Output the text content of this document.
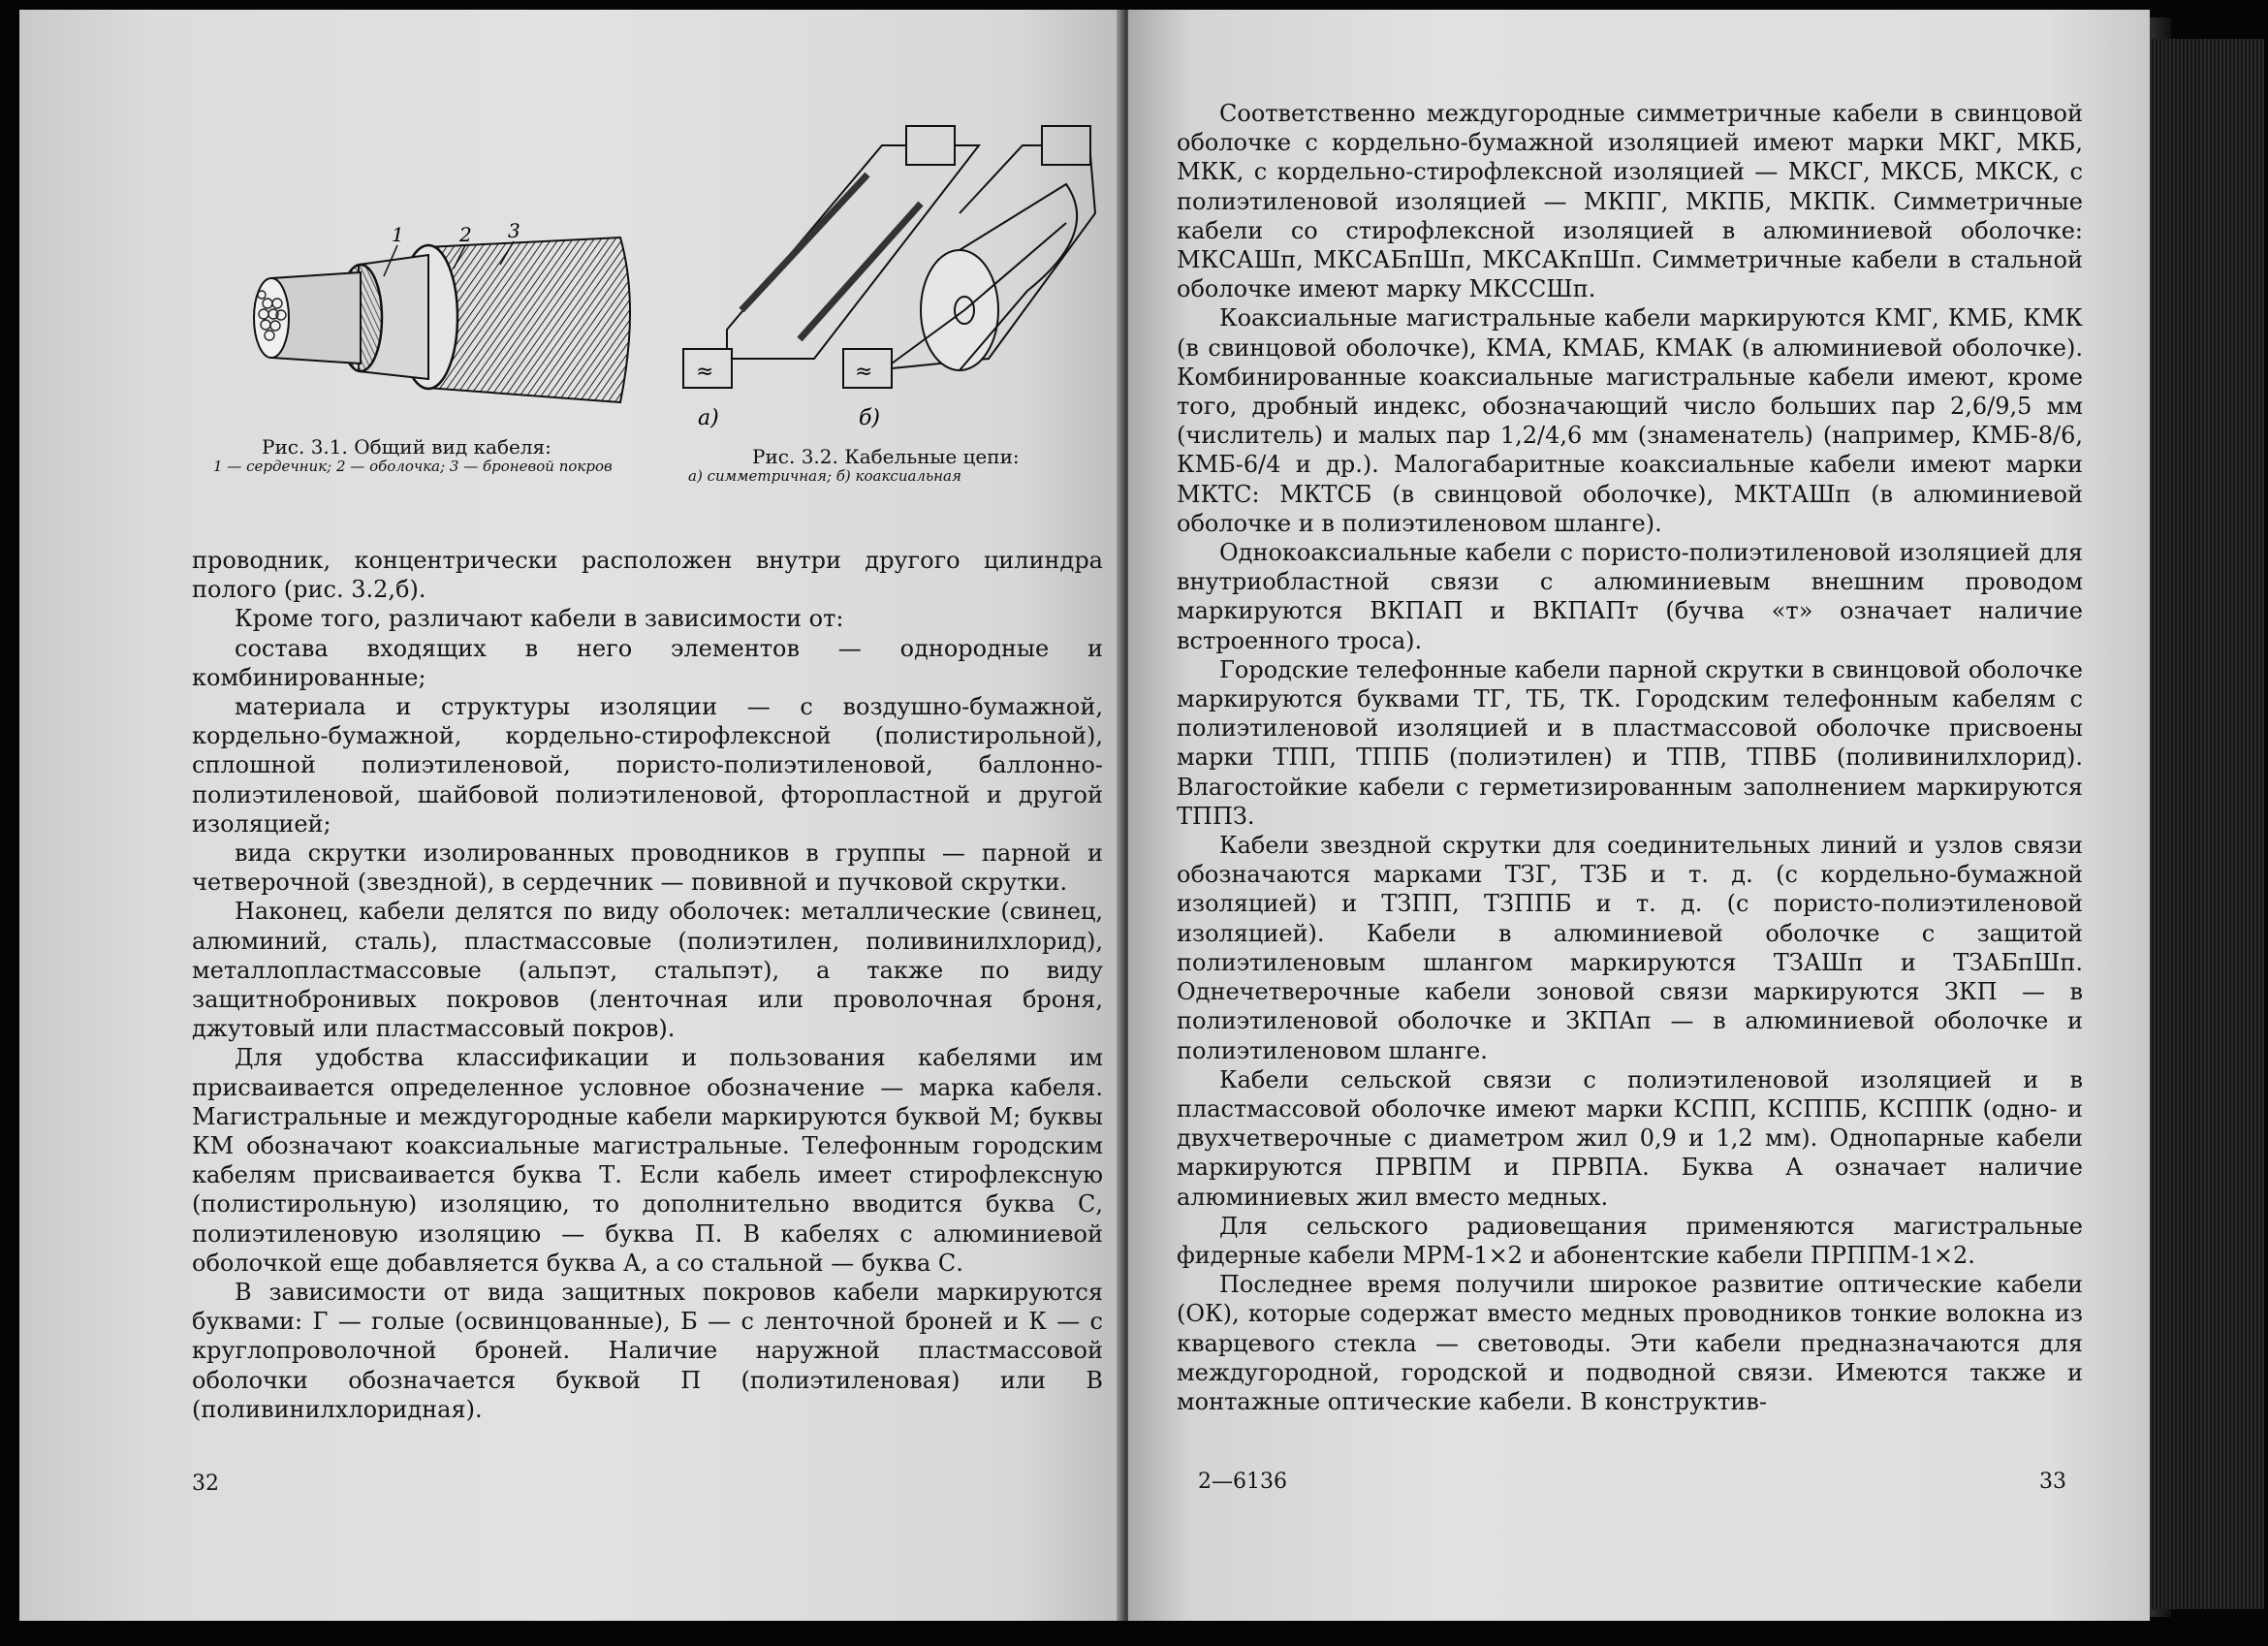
1	2 3
Рис. 3.1. Общий вид кабеля:
1 — сердечник; 2 — оболочка; 3 — броневой покров
≈	≈
а)	б)
Рис. 3.2. Кабельные цепи:
а) симметричная; б) коаксиальная

проводник, концентрически расположен внутри другого цилиндра полого (рис. 3.2,б).

Кроме того, различают кабели в зависимости от:

состава входящих в него элементов — однородные и комбинированные;

материала и структуры изоляции — с воздушно-бумажной, кордельно-бумажной, кордельно-стирофлексной (полистирольной), сплошной полиэтиленовой, пористо-полиэтиленовой, баллонно-полиэтиленовой, шайбовой полиэтиленовой, фторопластной и другой изоляцией;

вида скрутки изолированных проводников в группы — парной и четверочной (звездной), в сердечник — повивной и пучковой скрутки.

Наконец, кабели делятся по виду оболочек: металлические (свинец, алюминий, сталь), пластмассовые (полиэтилен, поливинилхлорид), металлопластмассовые (альпэт, стальпэт), а также по виду защитнобронивых покровов (ленточная или проволочная броня, джутовый или пластмассовый покров).

Для удобства классификации и пользования кабелями им присваивается определенное условное обозначение — марка кабеля. Магистральные и междугородные кабели маркируются буквой М; буквы КМ обозначают коаксиальные магистральные. Телефонным городским кабелям присваивается буква Т. Если кабель имеет стирофлексную (полистирольную) изоляцию, то дополнительно вводится буква С, полиэтиленовую изоляцию — буква П. В кабелях с алюминиевой оболочкой еще добавляется буква А, а со стальной — буква С.

В зависимости от вида защитных покровов кабели маркируются буквами: Г — голые (освинцованные), Б — с ленточной броней и К — с круглопроволочной броней. Наличие наружной пластмассовой оболочки обозначается буквой П (полиэтиленовая) или В (поливинилхлоридная).

32

Соответственно междугородные симметричные кабели в свинцовой оболочке с кордельно-бумажной изоляцией имеют марки МКГ, МКБ, МКК, с кордельно-стирофлексной изоляцией — МКСГ, МКСБ, МКСК, с полиэтиленовой изоляцией — МКПГ, МКПБ, МКПК. Симметричные кабели со стирофлексной изоляцией в алюминиевой оболочке: МКСАШп, МКСАБпШп, МКСАКпШп. Симметричные кабели в стальной оболочке имеют марку МКССШп.

Коаксиальные магистральные кабели маркируются КМГ, КМБ, КМК (в свинцовой оболочке), КМА, КМАБ, КМАК (в алюминиевой оболочке). Комбинированные коаксиальные магистральные кабели имеют, кроме того, дробный индекс, обозначающий число больших пар 2,6/9,5 мм (числитель) и малых пар 1,2/4,6 мм (знаменатель) (например, КМБ-8/6, КМБ-6/4 и др.). Малогабаритные коаксиальные кабели имеют марки МКТС: МКТСБ (в свинцовой оболочке), МКТАШп (в алюминиевой оболочке и в полиэтиленовом шланге).

Однокоаксиальные кабели с пористо-полиэтиленовой изоляцией для внутриобластной связи с алюминиевым внешним проводом маркируются ВКПАП и ВКПАПт (бучва «т» означает наличие встроенного троса).

Городские телефонные кабели парной скрутки в свинцовой оболочке маркируются буквами ТГ, ТБ, ТК. Городским телефонным кабелям с полиэтиленовой изоляцией и в пластмассовой оболочке присвоены марки ТПП, ТППБ (полиэтилен) и ТПВ, ТПВБ (поливинилхлорид). Влагостойкие кабели с герметизированным заполнением маркируются ТППЗ.

Кабели звездной скрутки для соединительных линий и узлов связи обозначаются марками ТЗГ, ТЗБ и т. д. (с кордельно-бумажной изоляцией) и ТЗПП, ТЗППБ и т. д. (с пористо-полиэтиленовой изоляцией). Кабели в алюминиевой оболочке с защитой полиэтиленовым шлангом маркируются ТЗАШп и ТЗАБпШп. Однечетверочные кабели зоновой связи маркируются ЗКП — в полиэтиленовой оболочке и ЗКПАп — в алюминиевой оболочке и полиэтиленовом шланге.

Кабели сельской связи с полиэтиленовой изоляцией и в пластмассовой оболочке имеют марки КСПП, КСППБ, КСППК (одно- и двухчетверочные с диаметром жил 0,9 и 1,2 мм). Однопарные кабели маркируются ПРВПМ и ПРВПА. Буква А означает наличие алюминиевых жил вместо медных.

Для сельского радиовещания применяются магистральные фидерные кабели МРМ-1×2 и абонентские кабели ПРППМ-1×2.

Последнее время получили широкое развитие оптические кабели (ОК), которые содержат вместо медных проводников тонкие волокна из кварцевого стекла — световоды. Эти кабели предназначаются для междугородной, городской и подводной связи. Имеются также и монтажные оптические кабели. В конструктив-

2—6136	33
